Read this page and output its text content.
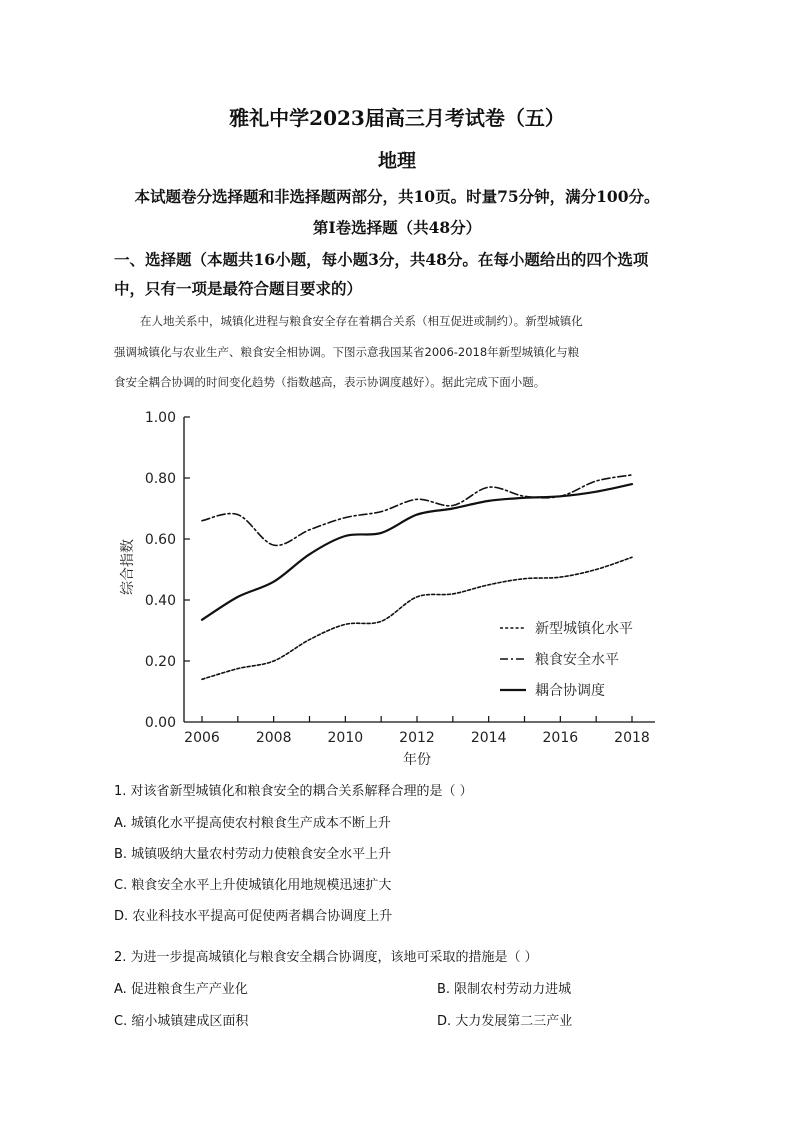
雅礼中学2023届高三月考试卷（五）
地理
本试题卷分选择题和非选择题两部分，共10页。时量75分钟，满分100分。
第I卷选择题（共48分）
一、选择题（本题共16小题，每小题3分，共48分。在每小题给出的四个选项
中，只有一项是最符合题目要求的）
在人地关系中，城镇化进程与粮食安全存在着耦合关系（相互促进或制约）。新型城镇化
强调城镇化与农业生产、粮食安全相协调。下图示意我国某省2006-2018年新型城镇化与粮
食安全耦合协调的时间变化趋势（指数越高，表示协调度越好）。据此完成下面小题。
0.00
0.20
0.40
0.60
0.80
1.00
2006	2008	2010	2012	2014	2016	2018
综合指数
年份
新型城镇化水平
粮食安全水平
耦合协调度
1. 对该省新型城镇化和粮食安全的耦合关系解释合理的是（ ）
A. 城镇化水平提高使农村粮食生产成本不断上升
B. 城镇吸纳大量农村劳动力使粮食安全水平上升
C. 粮食安全水平上升使城镇化用地规模迅速扩大
D. 农业科技水平提高可促使两者耦合协调度上升
2. 为进一步提高城镇化与粮食安全耦合协调度，该地可采取的措施是（ ）
A. 促进粮食生产产业化	B. 限制农村劳动力进城
C. 缩小城镇建成区面积	D. 大力发展第二三产业
